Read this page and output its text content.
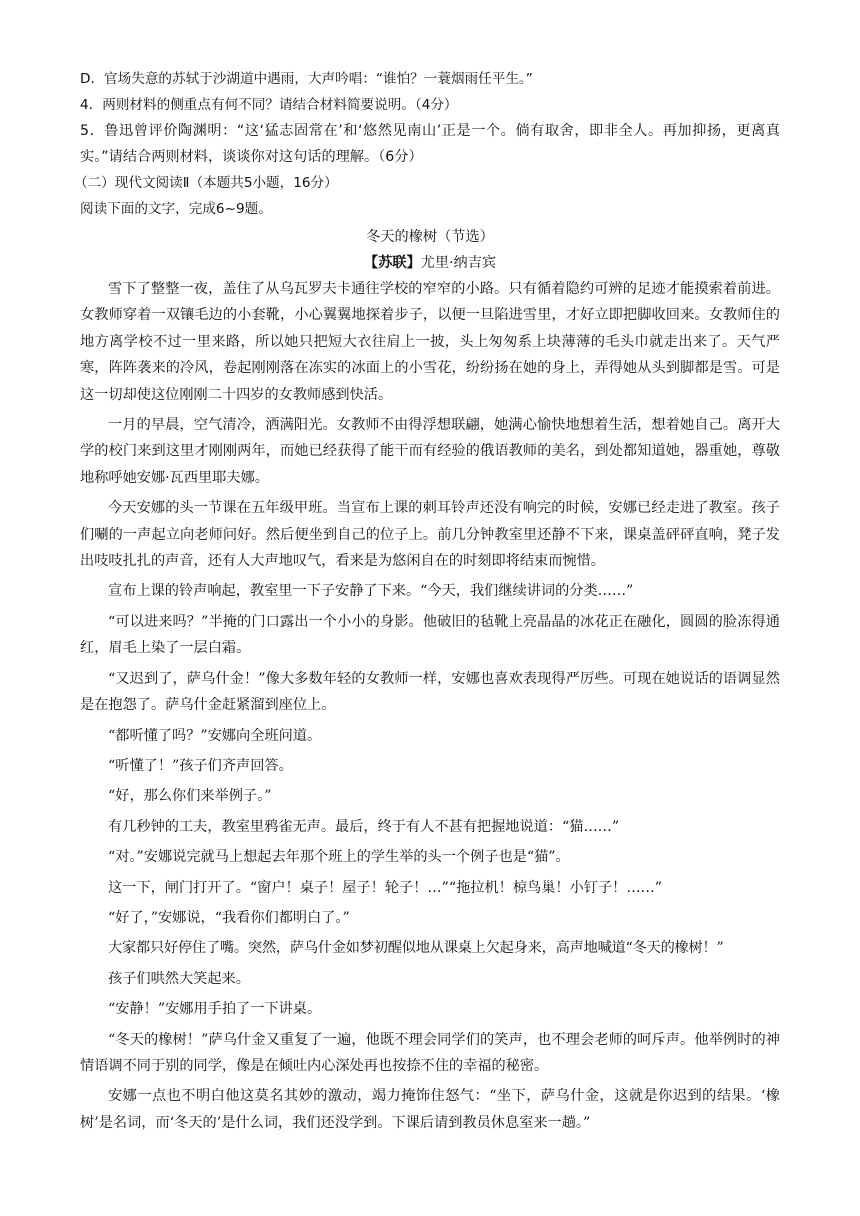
D．官场失意的苏轼于沙湖道中遇雨，大声吟唱：“谁怕？一蓑烟雨任平生。”

4．两则材料的侧重点有何不同？请结合材料简要说明。（4分）

5．鲁迅曾评价陶渊明：“这‘猛志固常在’和‘悠然见南山’正是一个。倘有取舍，即非全人。再加抑扬，更离真实。”请结合两则材料，谈谈你对这句话的理解。（6分）

（二）现代文阅读Ⅱ（本题共5小题，16分）

阅读下面的文字，完成6~9题。

冬天的橡树（节选）

【苏联】尤里·纳吉宾

雪下了整整一夜，盖住了从乌瓦罗夫卡通往学校的窄窄的小路。只有循着隐约可辨的足迹才能摸索着前进。女教师穿着一双镶毛边的小套靴，小心翼翼地探着步子，以便一旦陷进雪里，才好立即把脚收回来。女教师住的地方离学校不过一里来路，所以她只把短大衣往肩上一披，头上匆匆系上块薄薄的毛头巾就走出来了。天气严寒，阵阵袭来的冷风，卷起刚刚落在冻实的冰面上的小雪花，纷纷扬在她的身上，弄得她从头到脚都是雪。可是这一切却使这位刚刚二十四岁的女教师感到快活。

一月的早晨，空气清冷，洒满阳光。女教师不由得浮想联翩，她满心愉快地想着生活，想着她自己。离开大学的校门来到这里才刚刚两年，而她已经获得了能干而有经验的俄语教师的美名，到处都知道她，器重她，尊敬地称呼她安娜·瓦西里耶夫娜。

今天安娜的头一节课在五年级甲班。当宣布上课的刺耳铃声还没有响完的时候，安娜已经走进了教室。孩子们唰的一声起立向老师问好。然后便坐到自己的位子上。前几分钟教室里还静不下来，课桌盖砰砰直响，凳子发出吱吱扎扎的声音，还有人大声地叹气，看来是为悠闲自在的时刻即将结束而惋惜。

宣布上课的铃声响起，教室里一下子安静了下来。“今天，我们继续讲词的分类……”

“可以进来吗？”半掩的门口露出一个小小的身影。他破旧的毡靴上亮晶晶的冰花正在融化，圆圆的脸冻得通红，眉毛上染了一层白霜。

“又迟到了，萨乌什金！”像大多数年轻的女教师一样，安娜也喜欢表现得严厉些。可现在她说话的语调显然是在抱怨了。萨乌什金赶紧溜到座位上。

“都听懂了吗？”安娜向全班问道。

“听懂了！”孩子们齐声回答。

“好，那么你们来举例子。”

有几秒钟的工夫，教室里鸦雀无声。最后，终于有人不甚有把握地说道：“猫……”

“对。”安娜说完就马上想起去年那个班上的学生举的头一个例子也是“猫”。

这一下，闸门打开了。“窗户！桌子！屋子！轮子！…”“拖拉机！椋鸟巢！小钉子！……”

“好了，”安娜说，“我看你们都明白了。”

大家都只好停住了嘴。突然，萨乌什金如梦初醒似地从课桌上欠起身来，高声地喊道“冬天的橡树！”

孩子们哄然大笑起来。

“安静！”安娜用手拍了一下讲桌。

“冬天的橡树！”萨乌什金又重复了一遍，他既不理会同学们的笑声，也不理会老师的呵斥声。他举例时的神情语调不同于别的同学，像是在倾吐内心深处再也按捺不住的幸福的秘密。

安娜一点也不明白他这莫名其妙的激动，竭力掩饰住怒气：“坐下，萨乌什金，这就是你迟到的结果。‘橡树’是名词，而‘冬天的’是什么词，我们还没学到。下课后请到教员休息室来一趟。”
